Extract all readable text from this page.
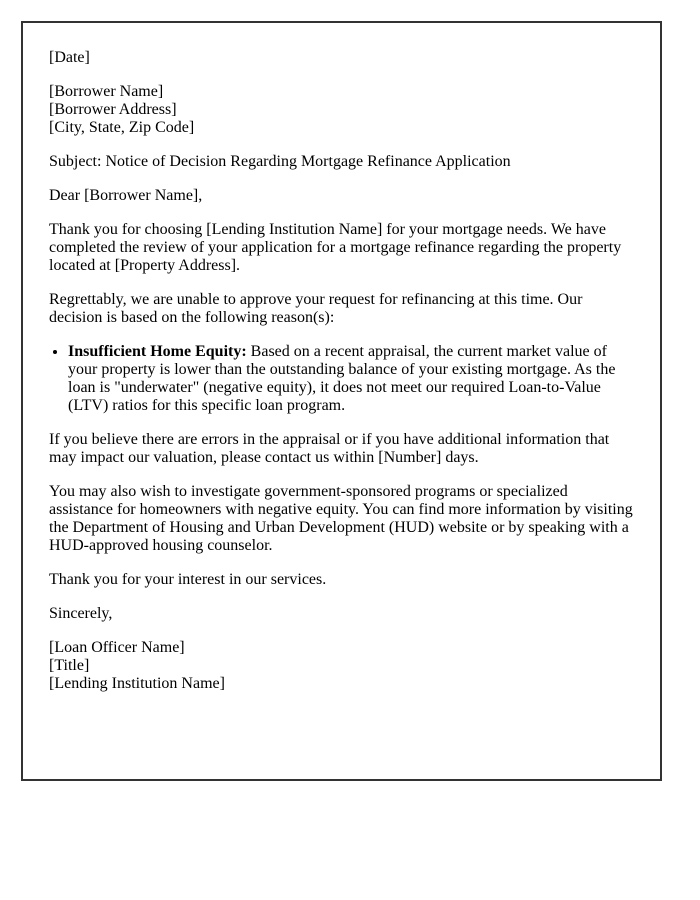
[Date]

[Borrower Name]
[Borrower Address]
[City, State, Zip Code]

Subject: Notice of Decision Regarding Mortgage Refinance Application

Dear [Borrower Name],

Thank you for choosing [Lending Institution Name] for your mortgage needs. We have completed the review of your application for a mortgage refinance regarding the property located at [Property Address].

Regrettably, we are unable to approve your request for refinancing at this time. Our decision is based on the following reason(s):

• Insufficient Home Equity: Based on a recent appraisal, the current market value of your property is lower than the outstanding balance of your existing mortgage. As the loan is "underwater" (negative equity), it does not meet our required Loan-to-Value (LTV) ratios for this specific loan program.

If you believe there are errors in the appraisal or if you have additional information that may impact our valuation, please contact us within [Number] days.

You may also wish to investigate government-sponsored programs or specialized assistance for homeowners with negative equity. You can find more information by visiting the Department of Housing and Urban Development (HUD) website or by speaking with a HUD-approved housing counselor.

Thank you for your interest in our services.

Sincerely,

[Loan Officer Name]
[Title]
[Lending Institution Name]
